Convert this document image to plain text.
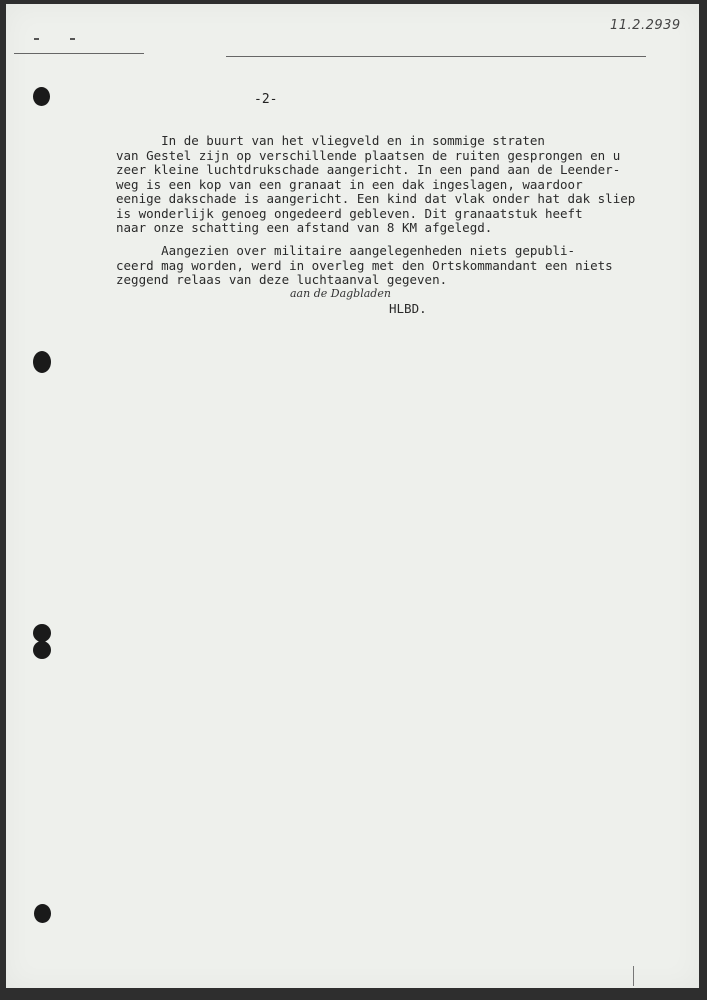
11.2.2939
-2-
In de buurt van het vliegveld en in sommige straten
van Gestel zijn op verschillende plaatsen de ruiten gesprongen en u
zeer kleine luchtdrukschade aangericht. In een pand aan de Leender-
weg is een kop van een granaat in een dak ingeslagen, waardoor
eenige dakschade is aangericht. Een kind dat vlak onder hat dak sliep
is wonderlijk genoeg ongedeerd gebleven. Dit granaatstuk heeft
naar onze schatting een afstand van 8 KM afgelegd.
Aangezien over militaire aangelegenheden niets gepubli-
ceerd mag worden, werd in overleg met den Ortskommandant een niets
zeggend relaas van deze luchtaanval gegeven.
aan de Dagbladen
HLBD.
